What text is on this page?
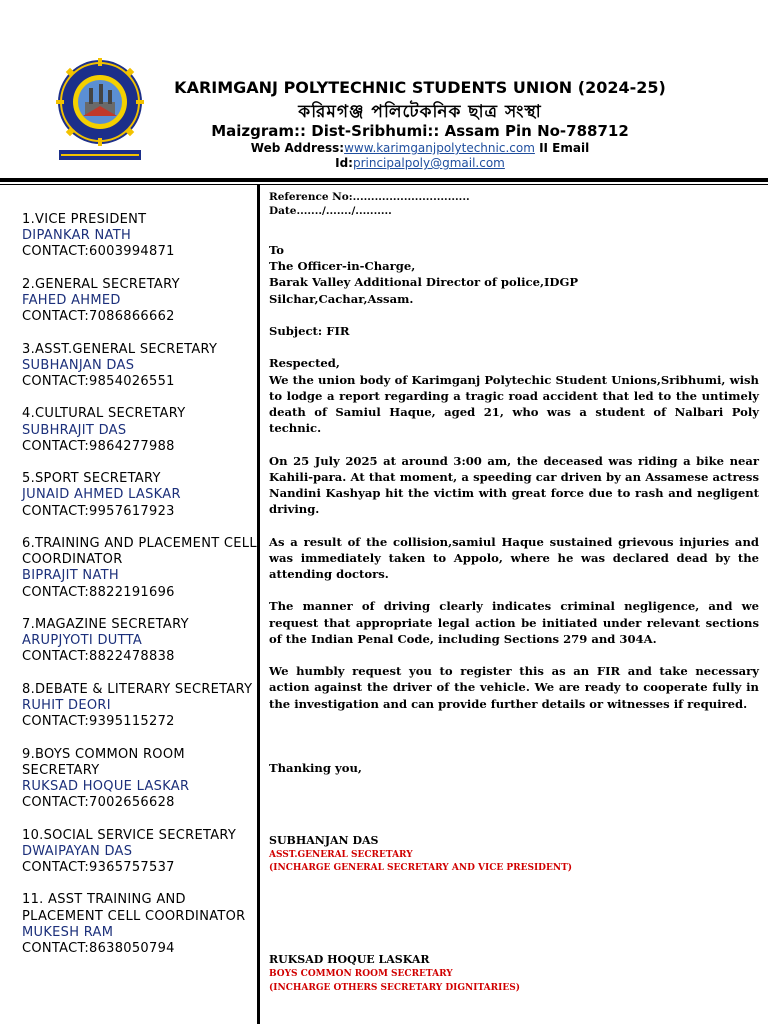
KARIMGANJ POLYTECHNIC STUDENTS UNION (2024-25)
করিমগঞ্জ পলিটেকনিক ছাত্র সংস্থা
Maizgram:: Dist-Sribhumi:: Assam Pin No-788712
Web Address:www.karimganjpolytechnic.com II Email
Id:principalpoly@gmail.com
1.VICE PRESIDENT
DIPANKAR NATH
CONTACT:6003994871
2.GENERAL SECRETARY
FAHED AHMED
CONTACT:7086866662
3.ASST.GENERAL SECRETARY
SUBHANJAN DAS
CONTACT:9854026551
4.CULTURAL SECRETARY
SUBHRAJIT DAS
CONTACT:9864277988
5.SPORT SECRETARY
JUNAID AHMED LASKAR
CONTACT:9957617923
6.TRAINING AND PLACEMENT CELL COORDINATOR
BIPRAJIT NATH
CONTACT:8822191696
7.MAGAZINE SECRETARY
ARUPJYOTI DUTTA
CONTACT:8822478838
8.DEBATE & LITERARY SECRETARY
RUHIT DEORI
CONTACT:9395115272
9.BOYS COMMON ROOM SECRETARY
RUKSAD HOQUE LASKAR
CONTACT:7002656628
10.SOCIAL SERVICE SECRETARY
DWAIPAYAN DAS
CONTACT:9365757537
11. ASST TRAINING AND PLACEMENT CELL COORDINATOR
MUKESH RAM
CONTACT:8638050794

Reference No:................................

Date......./......./..........

To

The Officer-in-Charge,

Barak Valley Additional Director of police,IDGP

Silchar,Cachar,Assam.

Subject: FIR

Respected,

We the union body of Karimganj Polytechic Student Unions,Sribhumi, wish to lodge a report regarding a tragic road accident that led to the untimely death of Samiul Haque, aged 21, who was a student of Nalbari Poly technic.

On 25 July 2025 at around 3:00 am, the deceased was riding a bike near Kahili-para. At that moment, a speeding car driven by an Assamese actress Nandini Kashyap hit the victim with great force due to rash and negligent driving.

As a result of the collision,samiul Haque sustained grievous injuries and was immediately taken to Appolo, where he was declared dead by the attending doctors.

The manner of driving clearly indicates criminal negligence, and we request that appropriate legal action be initiated under relevant sections of the Indian Penal Code, including Sections 279 and 304A.

We humbly request you to register this as an FIR and take necessary action against the driver of the vehicle. We are ready to cooperate fully in the investigation and can provide further details or witnesses if required.

Thanking you,

SUBHANJAN DAS

ASST.GENERAL SECRETARY

(INCHARGE GENERAL SECRETARY AND VICE PRESIDENT)

RUKSAD HOQUE LASKAR

BOYS COMMON ROOM SECRETARY

(INCHARGE OTHERS SECRETARY DIGNITARIES)
